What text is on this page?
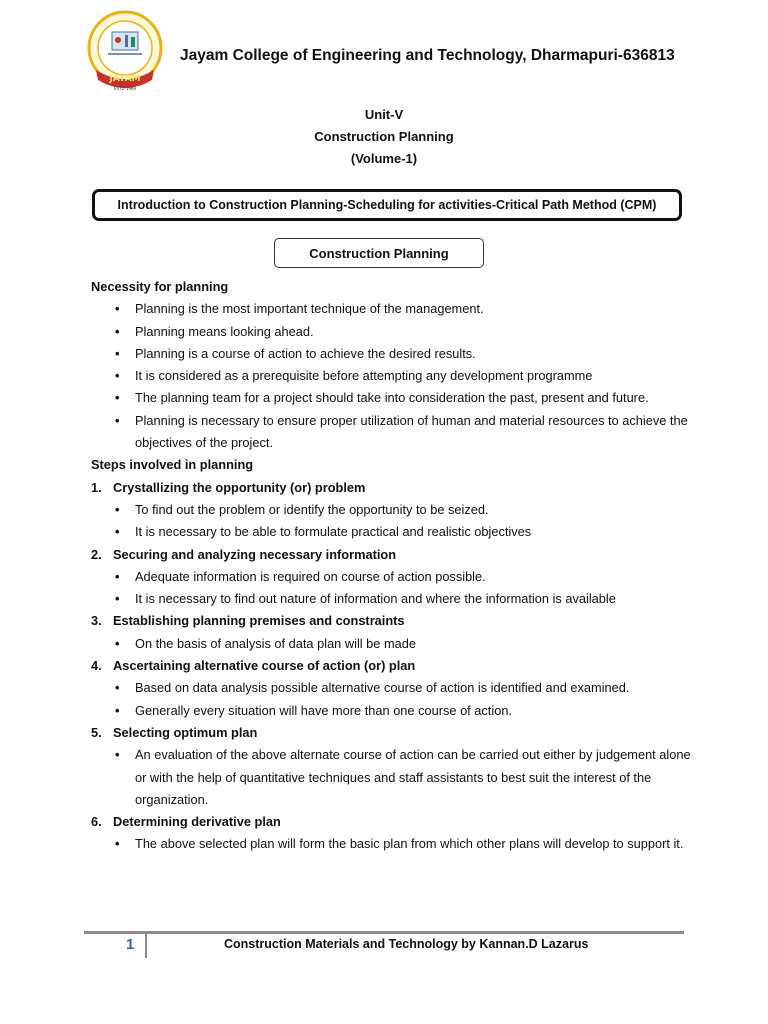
JAYAM
ESTD 1998
Jayam College of Engineering and Technology, Dharmapuri-636813
Unit-V
Construction Planning
(Volume-1)
Introduction to Construction Planning-Scheduling for activities-Critical Path Method (CPM)
Construction Planning
Necessity for planning
• Planning is the most important technique of the management.
• Planning means looking ahead.
• Planning is a course of action to achieve the desired results.
• It is considered as a prerequisite before attempting any development programme
• The planning team for a project should take into consideration the past, present and future.
• Planning is necessary to ensure proper utilization of human and material resources to achieve the objectives of the project.
Steps involved in planning
1. Crystallizing the opportunity (or) problem
• To find out the problem or identify the opportunity to be seized.
• It is necessary to be able to formulate practical and realistic objectives
2. Securing and analyzing necessary information
• Adequate information is required on course of action possible.
• It is necessary to find out nature of information and where the information is available
3. Establishing planning premises and constraints
• On the basis of analysis of data plan will be made
4. Ascertaining alternative course of action (or) plan
• Based on data analysis possible alternative course of action is identified and examined.
• Generally every situation will have more than one course of action.
5. Selecting optimum plan
• An evaluation of the above alternate course of action can be carried out either by judgement alone or with the help of quantitative techniques and staff assistants to best suit the interest of the organization.
6. Determining derivative plan
• The above selected plan will form the basic plan from which other plans will develop to support it.
1	Construction Materials and Technology by Kannan.D Lazarus
